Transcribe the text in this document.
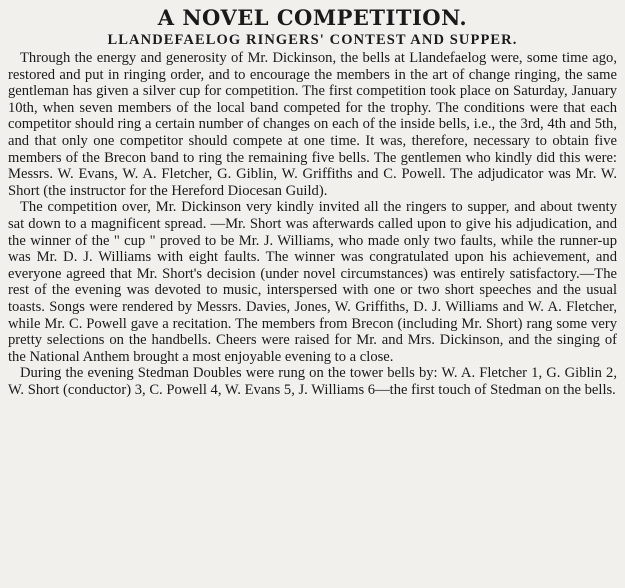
A NOVEL COMPETITION.
LLANDEFAELOG RINGERS' CONTEST AND SUPPER.

Through the energy and generosity of Mr. Dickinson, the bells at Llandefaelog were, some time ago, restored and put in ringing order, and to encourage the members in the art of change ringing, the same gentleman has given a silver cup for competition. The first competition took place on Saturday, January 10th, when seven members of the local band competed for the trophy. The conditions were that each competitor should ring a certain number of changes on each of the inside bells, i.e., the 3rd, 4th and 5th, and that only one competitor should compete at one time. It was, therefore, necessary to obtain five members of the Brecon band to ring the remaining five bells. The gentlemen who kindly did this were: Messrs. W. Evans, W. A. Fletcher, G. Giblin, W. Griffiths and C. Powell. The adjudicator was Mr. W. Short (the instructor for the Hereford Diocesan Guild).

The competition over, Mr. Dickinson very kindly invited all the ringers to supper, and about twenty sat down to a magnificent spread. —Mr. Short was afterwards called upon to give his adjudication, and the winner of the " cup " proved to be Mr. J. Williams, who made only two faults, while the runner-up was Mr. D. J. Williams with eight faults. The winner was congratulated upon his achievement, and everyone agreed that Mr. Short's decision (under novel circumstances) was entirely satisfactory.—The rest of the evening was devoted to music, interspersed with one or two short speeches and the usual toasts. Songs were rendered by Messrs. Davies, Jones, W. Griffiths, D. J. Williams and W. A. Fletcher, while Mr. C. Powell gave a recitation. The members from Brecon (including Mr. Short) rang some very pretty selections on the handbells. Cheers were raised for Mr. and Mrs. Dickinson, and the singing of the National Anthem brought a most enjoyable evening to a close.

During the evening Stedman Doubles were rung on the tower bells by: W. A. Fletcher 1, G. Giblin 2, W. Short (conductor) 3, C. Powell 4, W. Evans 5, J. Williams 6—the first touch of Stedman on the bells.
